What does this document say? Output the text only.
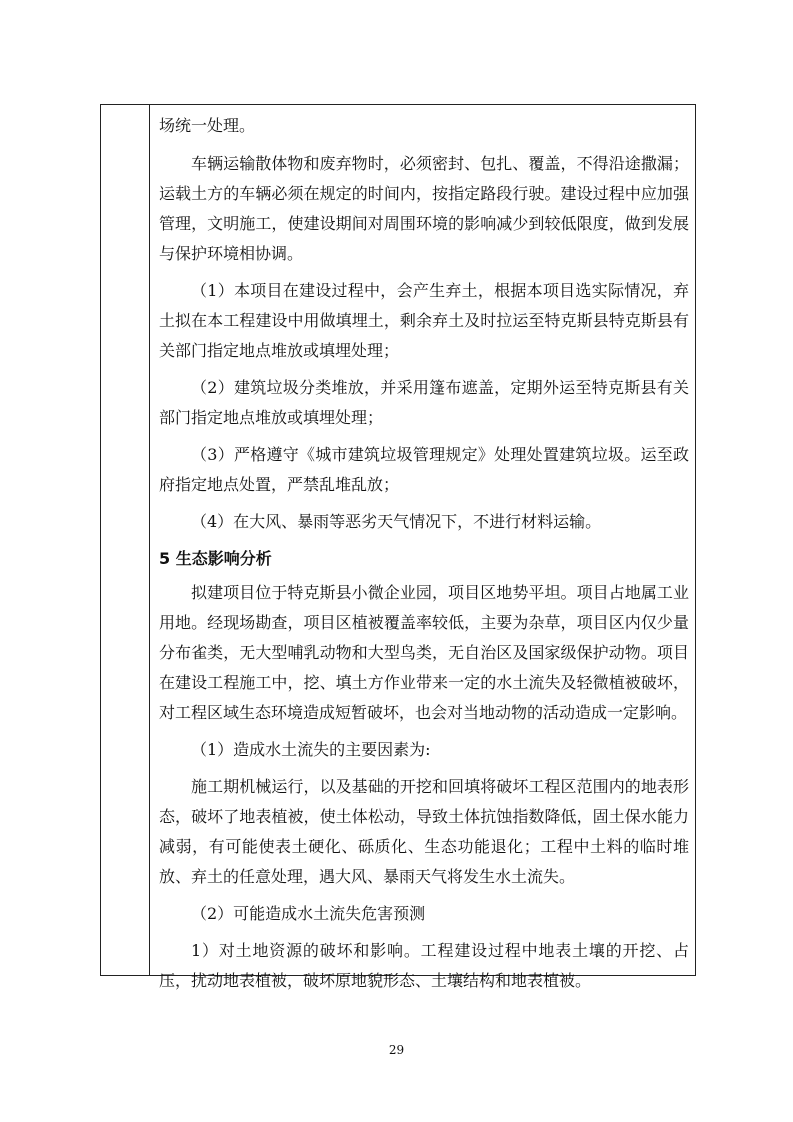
场统一处理。

车辆运输散体物和废弃物时，必须密封、包扎、覆盖，不得沿途撒漏；运载土方的车辆必须在规定的时间内，按指定路段行驶。建设过程中应加强管理，文明施工，使建设期间对周围环境的影响减少到较低限度，做到发展与保护环境相协调。

（1）本项目在建设过程中，会产生弃土，根据本项目选实际情况，弃土拟在本工程建设中用做填埋土，剩余弃土及时拉运至特克斯县特克斯县有关部门指定地点堆放或填埋处理；

（2）建筑垃圾分类堆放，并采用篷布遮盖，定期外运至特克斯县有关部门指定地点堆放或填埋处理；

（3）严格遵守《城市建筑垃圾管理规定》处理处置建筑垃圾。运至政府指定地点处置，严禁乱堆乱放；

（4）在大风、暴雨等恶劣天气情况下，不进行材料运输。

5 生态影响分析

拟建项目位于特克斯县小微企业园，项目区地势平坦。项目占地属工业用地。经现场勘查，项目区植被覆盖率较低，主要为杂草，项目区内仅少量分布雀类，无大型哺乳动物和大型鸟类，无自治区及国家级保护动物。项目在建设工程施工中，挖、填土方作业带来一定的水土流失及轻微植被破坏，对工程区域生态环境造成短暂破坏，也会对当地动物的活动造成一定影响。

（1）造成水土流失的主要因素为:

施工期机械运行，以及基础的开挖和回填将破坏工程区范围内的地表形态，破坏了地表植被，使土体松动，导致土体抗蚀指数降低，固土保水能力减弱，有可能使表土硬化、砾质化、生态功能退化；工程中土料的临时堆放、弃土的任意处理，遇大风、暴雨天气将发生水土流失。

（2）可能造成水土流失危害预测

1）对土地资源的破坏和影响。工程建设过程中地表土壤的开挖、占压，扰动地表植被，破坏原地貌形态、土壤结构和地表植被。

29
